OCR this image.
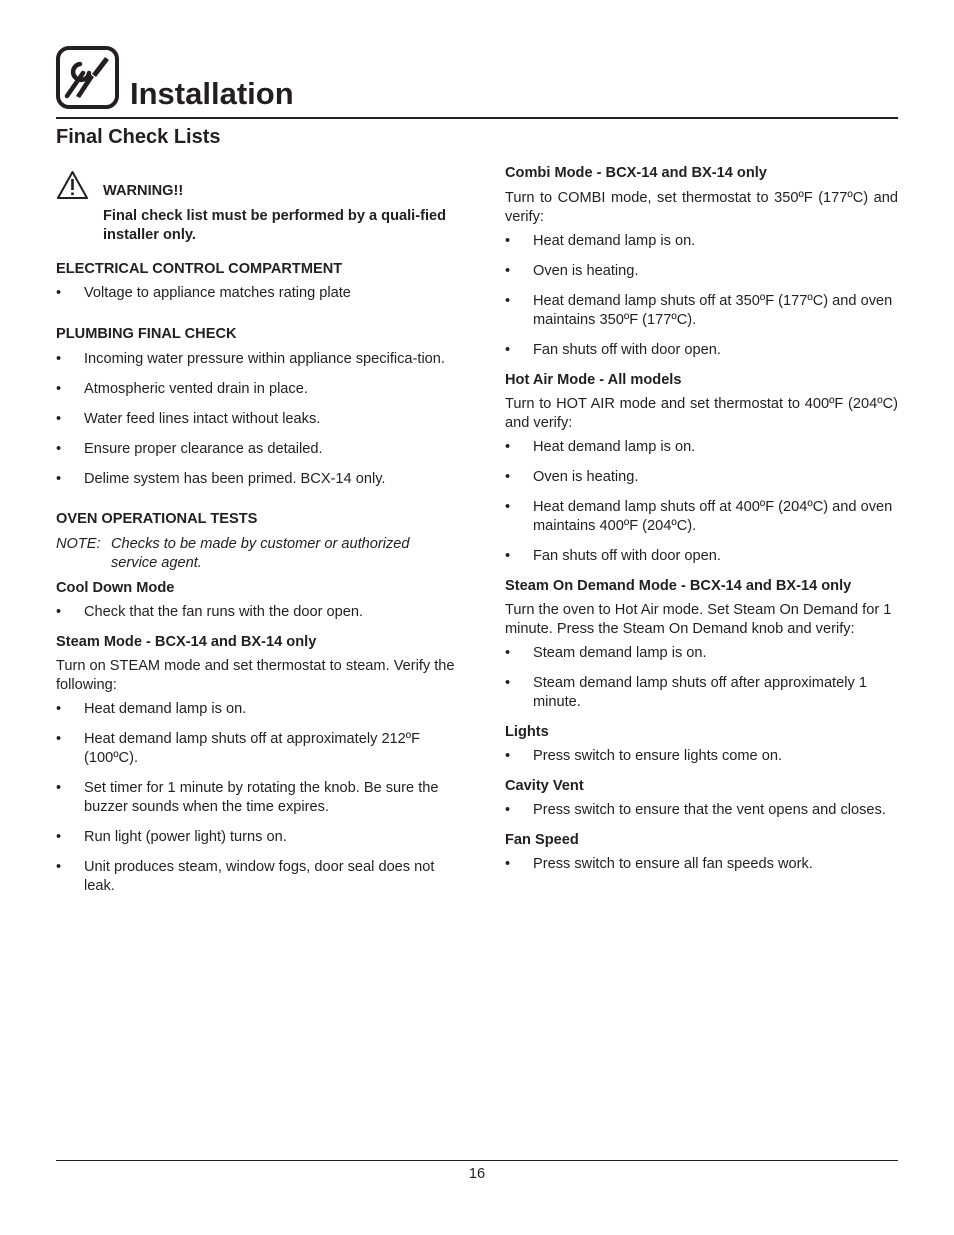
Installation
Final Check Lists
WARNING!!
Final check list must be performed by a quali-fied installer only.
ELECTRICAL CONTROL COMPARTMENT
• Voltage to appliance matches rating plate
PLUMBING FINAL CHECK
• Incoming water pressure within appliance specifica-tion.
• Atmospheric vented drain in place.
• Water feed lines intact without leaks.
• Ensure proper clearance as detailed.
• Delime system has been primed. BCX-14 only.
OVEN OPERATIONAL TESTS
NOTE: Checks to be made by customer or authorized service agent.
Cool Down Mode
• Check that the fan runs with the door open.
Steam Mode - BCX-14 and BX-14 only
Turn on STEAM mode and set thermostat to steam. Verify the following:
• Heat demand lamp is on.
• Heat demand lamp shuts off at approximately 212ºF (100ºC).
• Set timer for 1 minute by rotating the knob. Be sure the buzzer sounds when the time expires.
• Run light (power light) turns on.
• Unit produces steam, window fogs, door seal does not leak.
Combi Mode - BCX-14 and BX-14 only
Turn to COMBI mode, set thermostat to 350ºF (177ºC) and verify:
• Heat demand lamp is on.
• Oven is heating.
• Heat demand lamp shuts off at 350ºF (177ºC) and oven maintains 350ºF (177ºC).
• Fan shuts off with door open.
Hot Air Mode - All models
Turn to HOT AIR mode and set thermostat to 400ºF (204ºC) and verify:
• Heat demand lamp is on.
• Oven is heating.
• Heat demand lamp shuts off at 400ºF (204ºC) and oven maintains 400ºF (204ºC).
• Fan shuts off with door open.
Steam On Demand Mode - BCX-14 and BX-14 only
Turn the oven to Hot Air mode. Set Steam On Demand for 1 minute. Press the Steam On Demand knob and verify:
• Steam demand lamp is on.
• Steam demand lamp shuts off after approximately 1 minute.
Lights
• Press switch to ensure lights come on.
Cavity Vent
• Press switch to ensure that the vent opens and closes.
Fan Speed
• Press switch to ensure all fan speeds work.
16
